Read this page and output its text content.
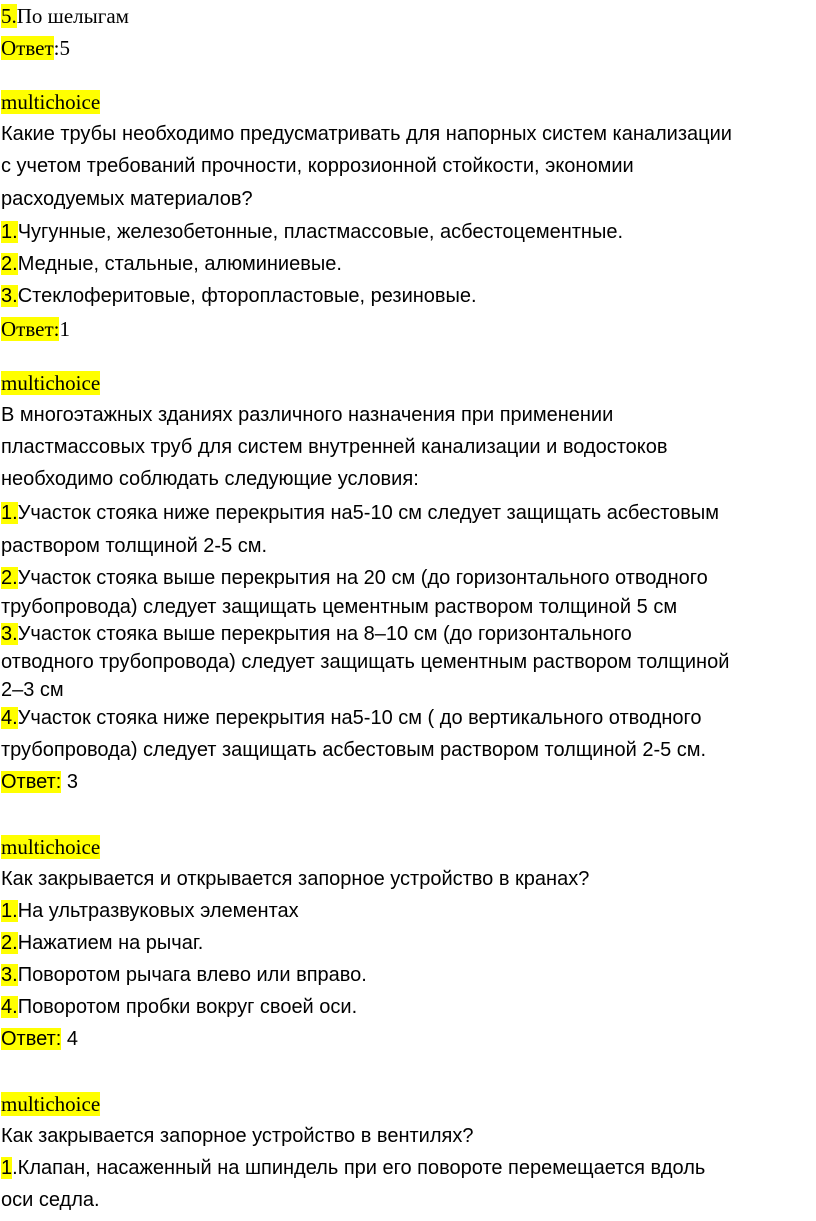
5.По шелыгам
Ответ:5
multichoice
Какие трубы необходимо предусматривать для напорных систем канализации
с учетом требований прочности, коррозионной стойкости, экономии
расходуемых материалов?
1.Чугунные, железобетонные, пластмассовые, асбестоцементные.
2.Медные, стальные, алюминиевые.
3.Стеклоферитовые, фторопластовые, резиновые.
Ответ:1
multichoice
В многоэтажных зданиях различного назначения при применении
пластмассовых труб для систем внутренней канализации и водостоков
необходимо соблюдать следующие условия:
1.Участок стояка ниже перекрытия на5-10 см следует защищать асбестовым
раствором толщиной 2-5 см.
2.Участок стояка выше перекрытия на 20 см (до горизонтального отводного
трубопровода) следует защищать цементным раствором толщиной 5 см
3.Участок стояка выше перекрытия на 8–10 см (до горизонтального
отводного трубопровода) следует защищать цементным раствором толщиной
2–3 см
4.Участок стояка ниже перекрытия на5-10 см ( до вертикального отводного
трубопровода) следует защищать асбестовым раствором толщиной 2-5 см.
Ответ: 3
multichoice
Как закрывается и открывается запорное устройство в кранах?
1.На ультразвуковых элементах
2.Нажатием на рычаг.
3.Поворотом рычага влево или вправо.
4.Поворотом пробки вокруг своей оси.
Ответ: 4
multichoice
Как закрывается запорное устройство в вентилях?
1.Клапан, насаженный на шпиндель при его повороте перемещается вдоль
оси седла.
